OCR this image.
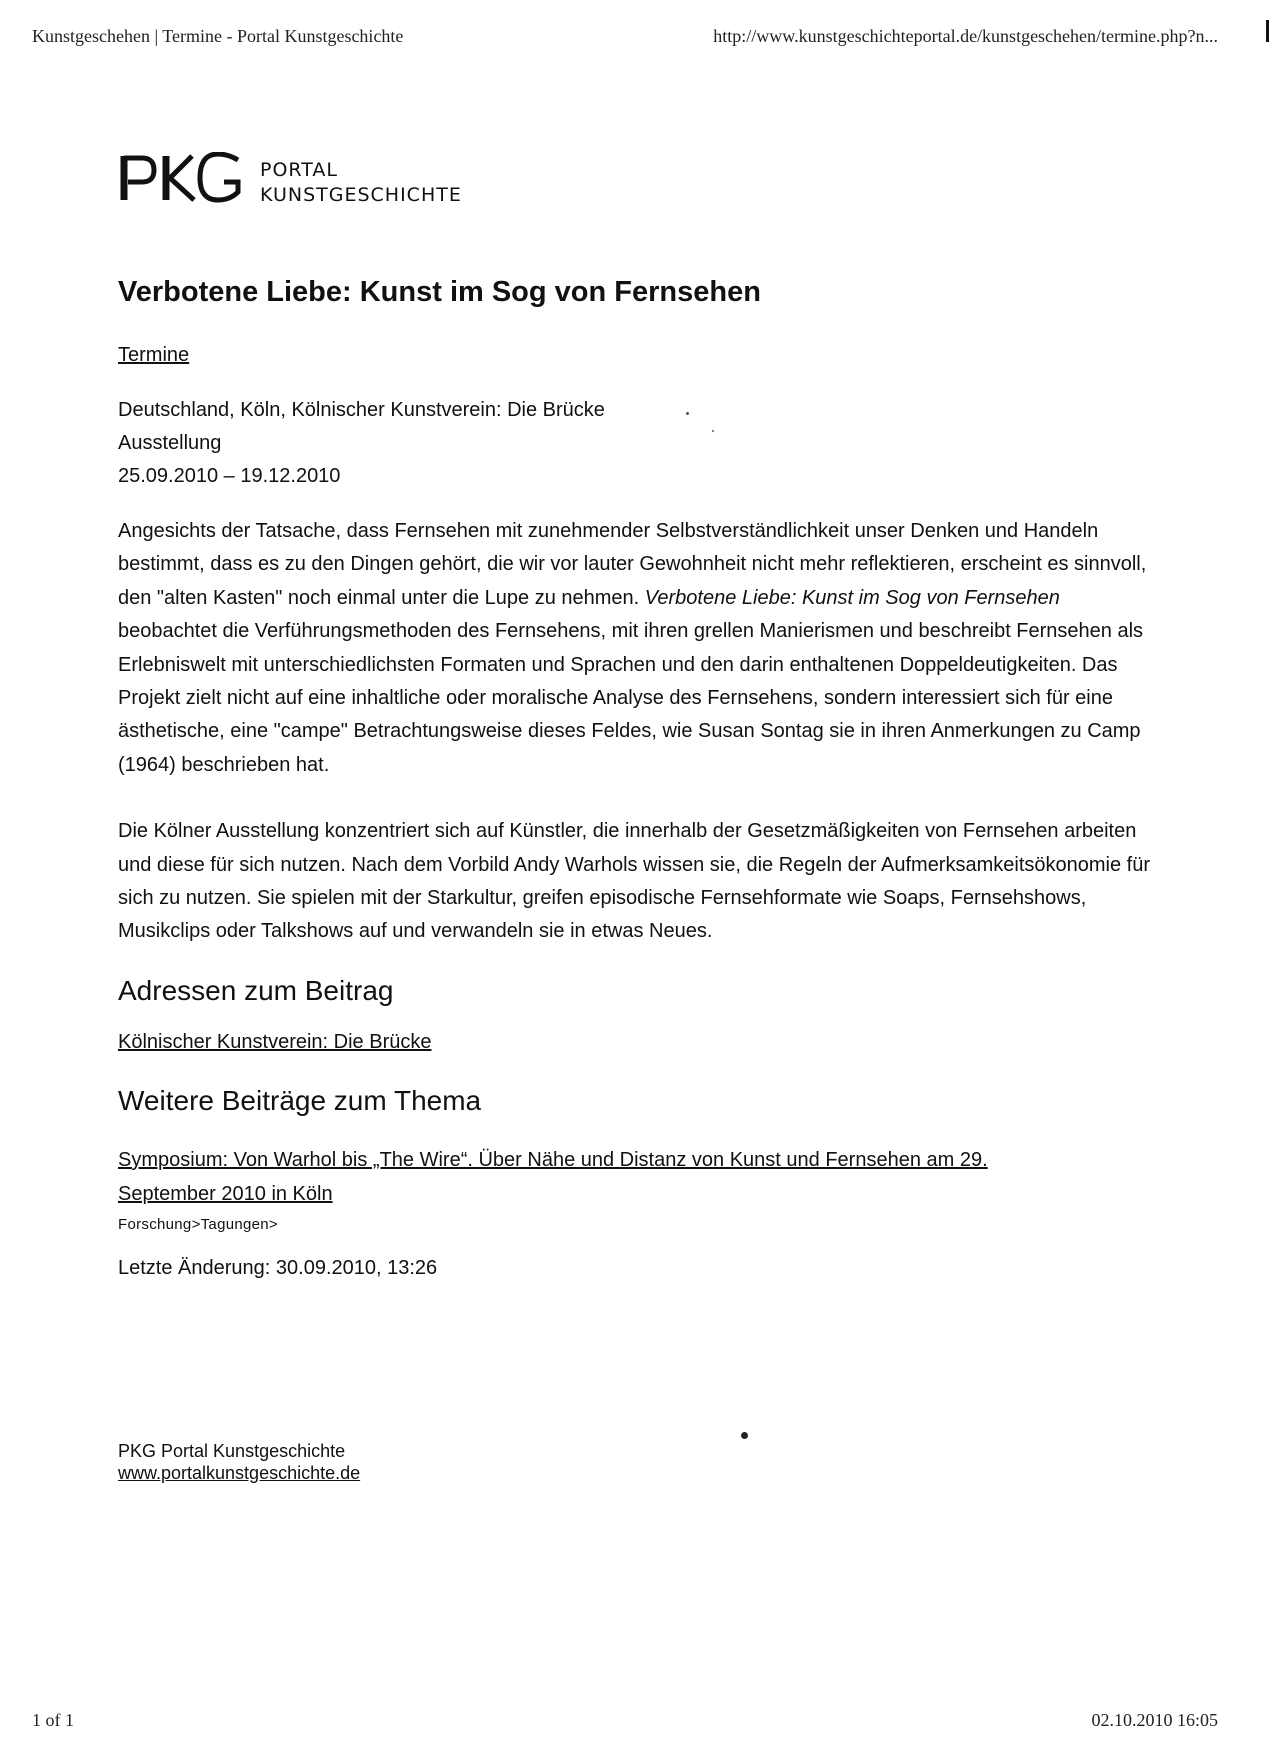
Kunstgeschehen | Termine - Portal Kunstgeschichte	http://www.kunstgeschichteportal.de/kunstgeschehen/termine.php?n...
PORTAL
KUNSTGESCHICHTE
Verbotene Liebe: Kunst im Sog von Fernsehen
Termine
Deutschland, Köln, Kölnischer Kunstverein: Die Brücke
Ausstellung
25.09.2010 – 19.12.2010

Angesichts der Tatsache, dass Fernsehen mit zunehmender Selbstverständlichkeit unser Denken und Handeln bestimmt, dass es zu den Dingen gehört, die wir vor lauter Gewohnheit nicht mehr reflektieren, erscheint es sinnvoll, den "alten Kasten" noch einmal unter die Lupe zu nehmen. Verbotene Liebe: Kunst im Sog von Fernsehen beobachtet die Verführungsmethoden des Fernsehens, mit ihren grellen Manierismen und beschreibt Fernsehen als Erlebniswelt mit unterschiedlichsten Formaten und Sprachen und den darin enthaltenen Doppeldeutigkeiten. Das Projekt zielt nicht auf eine inhaltliche oder moralische Analyse des Fernsehens, sondern interessiert sich für eine ästhetische, eine "campe" Betrachtungsweise dieses Feldes, wie Susan Sontag sie in ihren Anmerkungen zu Camp (1964) beschrieben hat.

Die Kölner Ausstellung konzentriert sich auf Künstler, die innerhalb der Gesetzmäßigkeiten von Fernsehen arbeiten und diese für sich nutzen. Nach dem Vorbild Andy Warhols wissen sie, die Regeln der Aufmerksamkeitsökonomie für sich zu nutzen. Sie spielen mit der Starkultur, greifen episodische Fernsehformate wie Soaps, Fernsehshows, Musikclips oder Talkshows auf und verwandeln sie in etwas Neues.

Adressen zum Beitrag
Kölnischer Kunstverein: Die Brücke
Weitere Beiträge zum Thema
Symposium: Von Warhol bis „The Wire“. Über Nähe und Distanz von Kunst und Fernsehen am 29.
September 2010 in Köln
Forschung>Tagungen>
Letzte Änderung: 30.09.2010, 13:26
PKG Portal Kunstgeschichte
www.portalkunstgeschichte.de
1 of 1	02.10.2010 16:05
